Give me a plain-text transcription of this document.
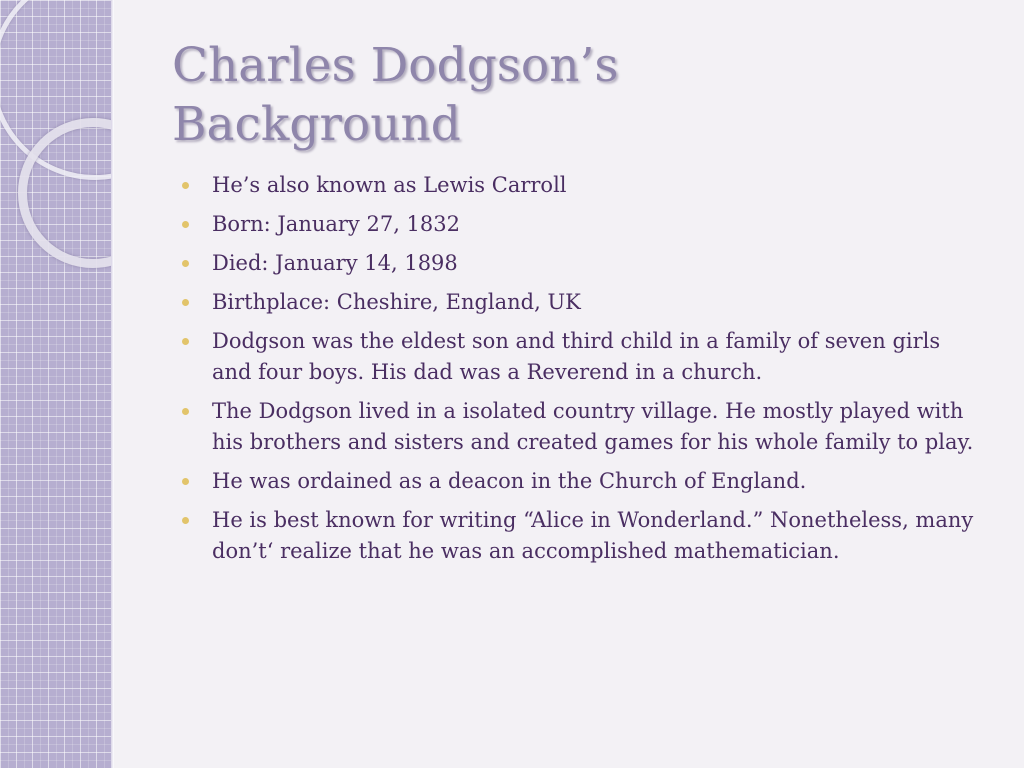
Charles Dodgson’s
Background
He’s also known as Lewis Carroll
Born: January 27, 1832
Died: January 14, 1898
Birthplace: Cheshire, England, UK
Dodgson was the eldest son and third child in a family of seven girls and four boys. His dad was a Reverend in a church.
The Dodgson lived in a isolated country village. He mostly played with his brothers and sisters and created games for his whole family to play.
He was ordained as a deacon in the Church of England.
He is best known for writing “Alice in Wonderland.” Nonetheless, many don’t‘ realize that he was an accomplished mathematician.
